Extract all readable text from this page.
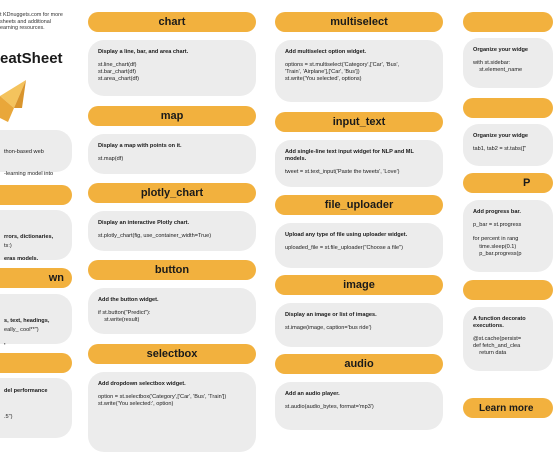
t KDnuggets.com for more
sheets and additional
earning resources.
eatSheet

thon-based web

-learning model into

rrors, dictionaries,

eras models.

ts:)
wn

s, text, headings,

,

eally_ cool**")
del performance
.5")
chart
Display a line, bar, and area chart.
st.line_chart(df)
st.bar_chart(df)
st.area_chart(df)
map
Display a map with points on it.
st.map(df)
plotly_chart
Display an interactive Plotly chart.
st.plotly_chart(fig, use_container_width=True)
button
Add the button widget.
if st.button("Predict"):
st.write(result)
selectbox
Add dropdown selectbox widget.
option = st.selectbox('Category',['Car', 'Bus', 'Train'])
st.write('You selected:', option)
multiselect
Add multiselect option widget.
options = st.multiselect('Category',['Car', 'Bus',
'Train', 'Airplane'],['Car', 'Bus'])
st.write('You selected', options)
input_text
Add single-line text input widget for NLP and ML
models.
tweet = st.text_input('Paste the tweets', 'Love')
file_uploader
Upload any type of file using uploader widget.
uploaded_file = st.file_uploader("Choose a file")
image
Display an image or list of images.
st.image(image, caption='bus ride')
audio
Add an audio player.
st.audio(audio_bytes, format='mp3')
Organize your widge
with st.sidebar:
st.element_name
Organize your widge
tab1, tab2 = st.tabs(["
P
Add progress bar.
p_bar = st.progress

for percent in rang
time.sleep(0.1)
p_bar.progress(p
A function decorato
executions.
@st.cache(persist=
def fetch_and_clea
return data
Learn more
